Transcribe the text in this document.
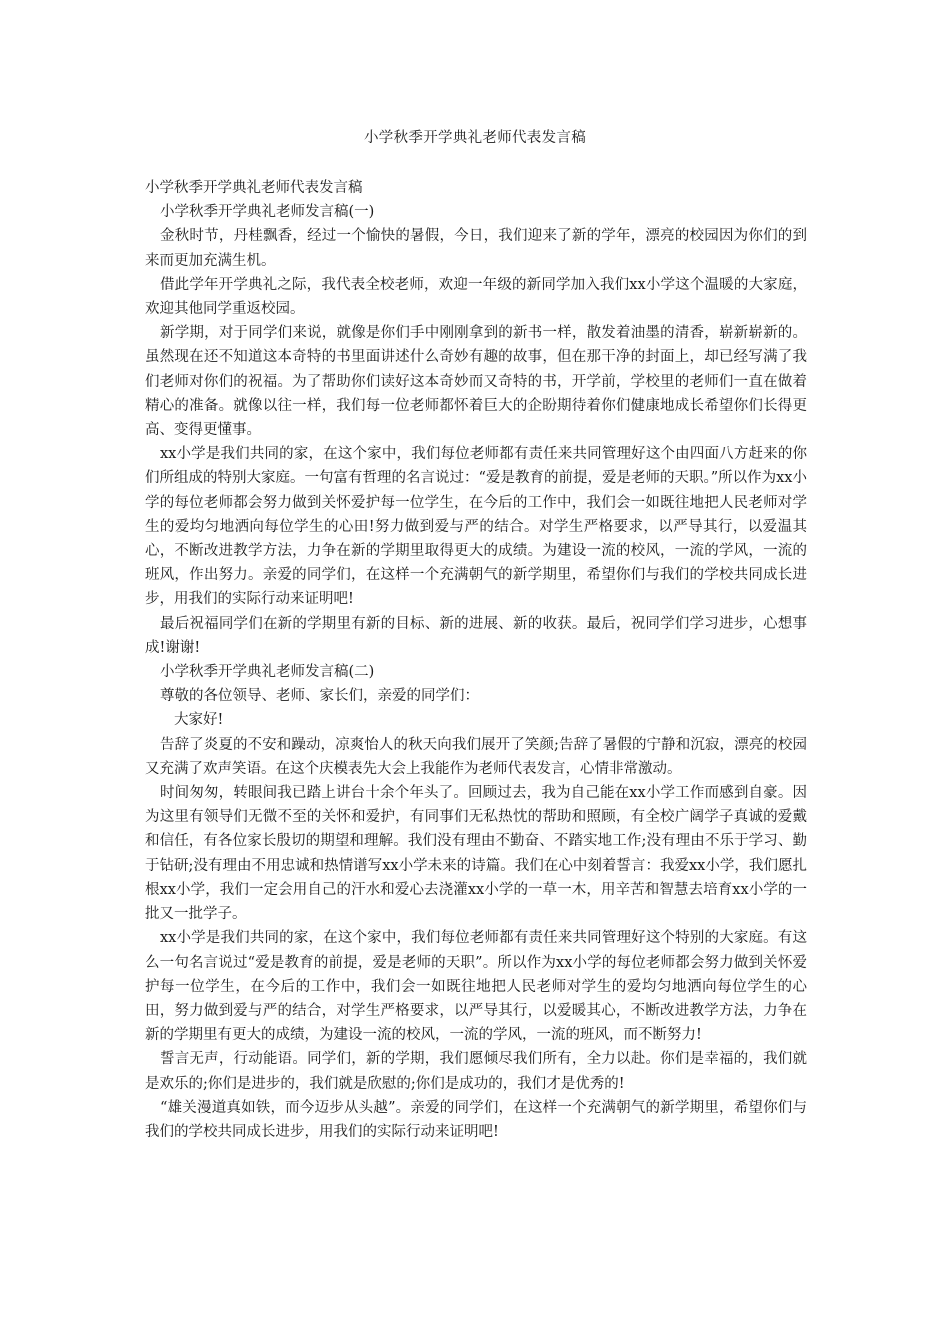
小学秋季开学典礼老师代表发言稿

小学秋季开学典礼老师代表发言稿

小学秋季开学典礼老师发言稿(一)

金秋时节，丹桂飘香，经过一个愉快的暑假，今日，我们迎来了新的学年，漂亮的校园因为你们的到来而更加充满生机。

借此学年开学典礼之际，我代表全校老师，欢迎一年级的新同学加入我们xx小学这个温暖的大家庭，欢迎其他同学重返校园。

新学期，对于同学们来说，就像是你们手中刚刚拿到的新书一样，散发着油墨的清香，崭新崭新的。虽然现在还不知道这本奇特的书里面讲述什么奇妙有趣的故事，但在那干净的封面上，却已经写满了我们老师对你们的祝福。为了帮助你们读好这本奇妙而又奇特的书，开学前，学校里的老师们一直在做着精心的准备。就像以往一样，我们每一位老师都怀着巨大的企盼期待着你们健康地成长希望你们长得更高、变得更懂事。

xx小学是我们共同的家，在这个家中，我们每位老师都有责任来共同管理好这个由四面八方赶来的你们所组成的特别大家庭。一句富有哲理的名言说过：“爱是教育的前提，爱是老师的天职。”所以作为xx小学的每位老师都会努力做到关怀爱护每一位学生，在今后的工作中，我们会一如既往地把人民老师对学生的爱均匀地洒向每位学生的心田!努力做到爱与严的结合。对学生严格要求，以严导其行，以爱温其心，不断改进教学方法，力争在新的学期里取得更大的成绩。为建设一流的校风，一流的学风，一流的班风，作出努力。亲爱的同学们，在这样一个充满朝气的新学期里，希望你们与我们的学校共同成长进步，用我们的实际行动来证明吧!

最后祝福同学们在新的学期里有新的目标、新的进展、新的收获。最后，祝同学们学习进步，心想事成!谢谢!

小学秋季开学典礼老师发言稿(二)

尊敬的各位领导、老师、家长们，亲爱的同学们：

大家好!

告辞了炎夏的不安和躁动，凉爽怡人的秋天向我们展开了笑颜;告辞了暑假的宁静和沉寂，漂亮的校园又充满了欢声笑语。在这个庆模表先大会上我能作为老师代表发言，心情非常激动。

时间匆匆，转眼间我已踏上讲台十余个年头了。回顾过去，我为自己能在xx小学工作而感到自豪。因为这里有领导们无微不至的关怀和爱护，有同事们无私热忱的帮助和照顾，有全校广阔学子真诚的爱戴和信任，有各位家长殷切的期望和理解。我们没有理由不勤奋、不踏实地工作;没有理由不乐于学习、勤于钻研;没有理由不用忠诚和热情谱写xx小学未来的诗篇。我们在心中刻着誓言：我爱xx小学，我们愿扎根xx小学，我们一定会用自己的汗水和爱心去浇灌xx小学的一草一木，用辛苦和智慧去培育xx小学的一批又一批学子。

xx小学是我们共同的家，在这个家中，我们每位老师都有责任来共同管理好这个特别的大家庭。有这么一句名言说过“爱是教育的前提，爱是老师的天职”。所以作为xx小学的每位老师都会努力做到关怀爱护每一位学生，在今后的工作中，我们会一如既往地把人民老师对学生的爱均匀地洒向每位学生的心田，努力做到爱与严的结合，对学生严格要求，以严导其行，以爱暖其心，不断改进教学方法，力争在新的学期里有更大的成绩，为建设一流的校风，一流的学风，一流的班风，而不断努力!

誓言无声，行动能语。同学们，新的学期，我们愿倾尽我们所有，全力以赴。你们是幸福的，我们就是欢乐的;你们是进步的，我们就是欣慰的;你们是成功的，我们才是优秀的!

“雄关漫道真如铁，而今迈步从头越”。亲爱的同学们，在这样一个充满朝气的新学期里，希望你们与我们的学校共同成长进步，用我们的实际行动来证明吧!
